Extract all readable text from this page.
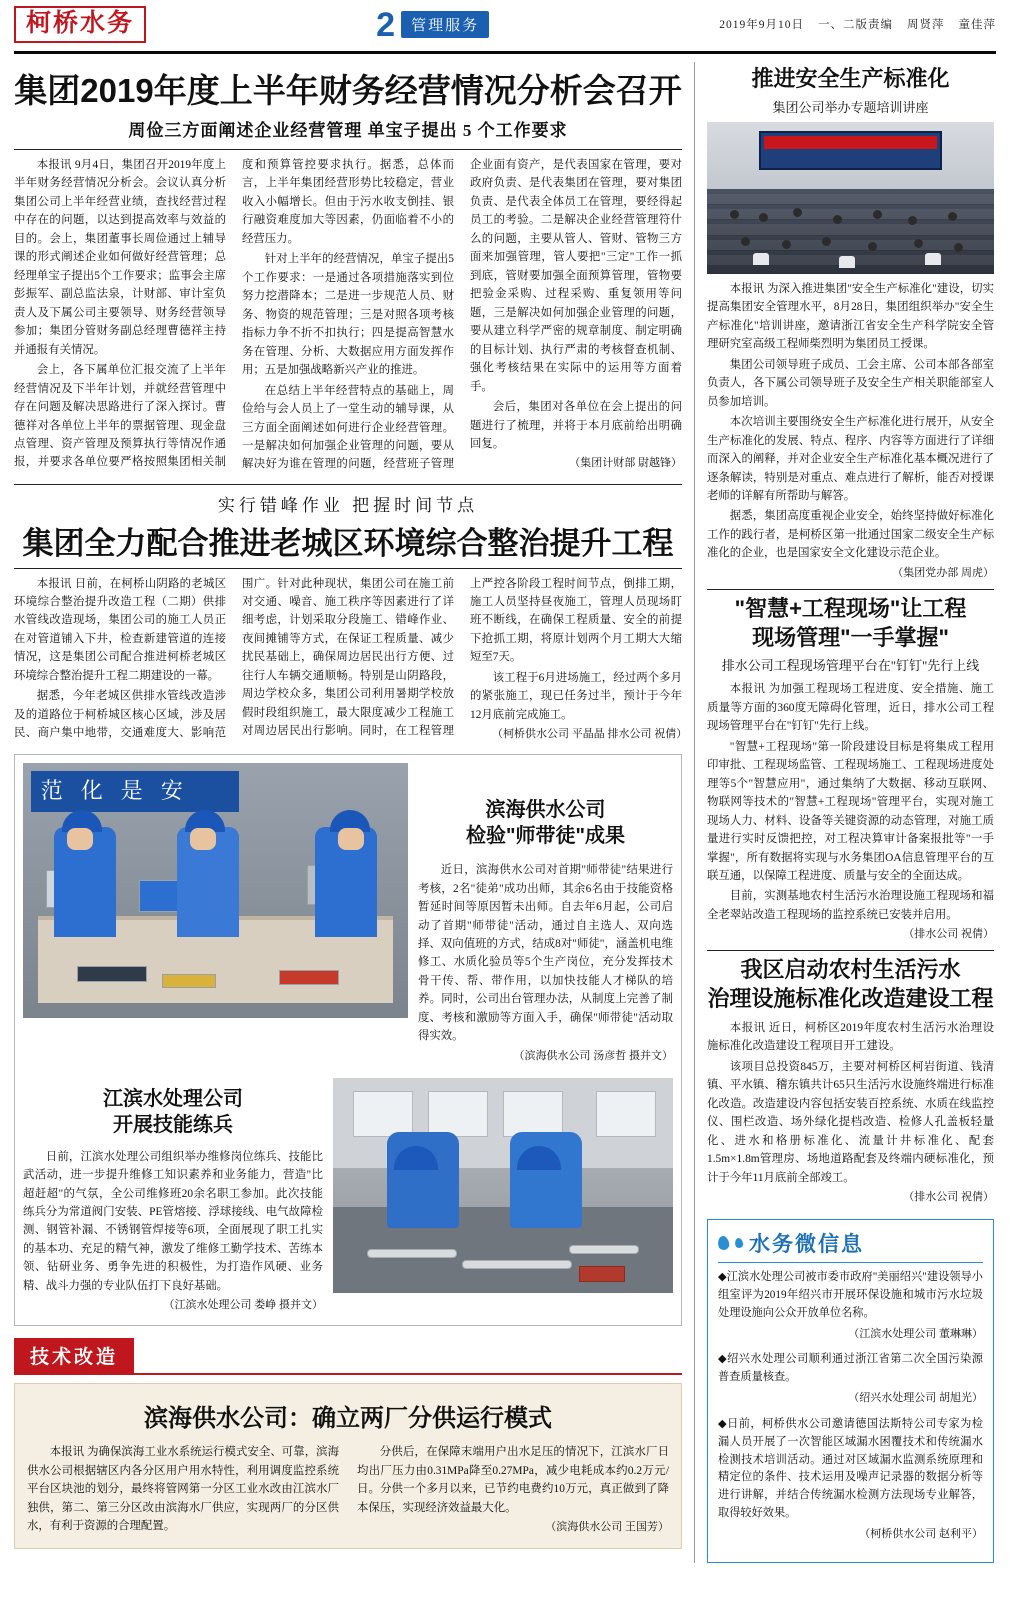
柯桥水务	2	管理服务	2019年9月10日 一、二版责编 周贤萍 童佳萍
集团2019年度上半年财务经营情况分析会召开
周俭三方面阐述企业经营管理 单宝子提出 5 个工作要求

本报讯 9月4日，集团召开2019年度上半年财务经营情况分析会。会议认真分析集团公司上半年经营业绩，查找经营过程中存在的问题，以达到提高效率与效益的目的。会上，集团董事长周俭通过上辅导课的形式阐述企业如何做好经营管理；总经理单宝子提出5个工作要求；监事会主席彭振军、副总监法泉，计财部、审计室负责人及下属公司主要领导、财务经营领导参加；集团分管财务副总经理曹德祥主持并通报有关情况。

会上，各下属单位汇报交流了上半年经营情况及下半年计划，并就经营管理中存在问题及解决思路进行了深入探讨。曹德祥对各单位上半年的票据管理、现金盘点管理、资产管理及预算执行等情况作通报，并要求各单位要严格按照集团相关制度和预算管控要求执行。据悉，总体而言，上半年集团经营形势比较稳定，营业收入小幅增长。但由于污水收支倒挂、银行融资难度加大等因素，仍面临着不小的经营压力。

针对上半年的经营情况，单宝子提出5个工作要求：一是通过各项措施落实到位努力挖潜降本；二是进一步规范人员、财务、物资的规范管理；三是对照各项考核指标力争不折不扣执行；四是提高智慧水务在管理、分析、大数据应用方面发挥作用；五是加强战略新兴产业的推进。

在总结上半年经营特点的基础上，周俭给与会人员上了一堂生动的辅导课，从三方面全面阐述如何进行企业经营管理。一是解决如何加强企业管理的问题，要从解决好为谁在管理的问题，经营班子管理企业面有资产，是代表国家在管理，要对政府负责、是代表集团在管理，要对集团负责、是代表全体员工在管理，要经得起员工的考验。二是解决企业经营管理符什么的问题，主要从管人、管财、管物三方面来加强管理，管人要把"三定"工作一抓到底，管财要加强全面预算管理，管物要把验金采购、过程采购、重复领用等问题，三是解决如何加强企业管理的问题，要从建立科学严密的规章制度、制定明确的目标计划、执行严肃的考核督查机制、强化考核结果在实际中的运用等方面着手。

会后，集团对各单位在会上提出的问题进行了梳理，并将于本月底前给出明确回复。

（集团计财部 尉越锋）

实行错峰作业 把握时间节点
集团全力配合推进老城区环境综合整治提升工程

本报讯 日前，在柯桥山阴路的老城区环境综合整治提升改造工程（二期）供排水管线改造现场，集团公司的施工人员正在对管道铺入下井，检查新建管道的连接情况，这是集团公司配合推进柯桥老城区环境综合整治提升工程二期建设的一幕。

据悉，今年老城区供排水管线改造涉及的道路位于柯桥城区核心区域，涉及居民、商户集中地带，交通难度大、影响范围广。针对此种现状，集团公司在施工前对交通、噪音、施工秩序等因素进行了详细考虑，计划采取分段施工、错峰作业、夜间摊铺等方式，在保证工程质量、减少扰民基础上，确保周边居民出行方便、过往行人车辆交通顺畅。特别是山阴路段，周边学校众多，集团公司利用暑期学校放假时段组织施工，最大限度减少工程施工对周边居民出行影响。同时，在工程管理上严控各阶段工程时间节点，倒排工期，施工人员坚持昼夜施工，管理人员现场盯班不断线，在确保工程质量、安全的前提下抢抓工期，将原计划两个月工期大大缩短至7天。

该工程于6月进场施工，经过两个多月的紧张施工，现已任务过半，预计于今年12月底前完成施工。

（柯桥供水公司 平晶晶 排水公司 祝倩）

范化是安
滨海供水公司
检验"师带徒"成果

近日，滨海供水公司对首期"师带徒"结果进行考核，2名"徒弟"成功出师，其余6名由于技能资格暂延时间等原因暂未出师。自去年6月起，公司启动了首期"师带徒"活动，通过自主选人、双向选择、双向值班的方式，结成8对"师徒"，涵盖机电维修工、水质化验员等5个生产岗位，充分发挥技术骨干传、帮、带作用，以加快技能人才梯队的培养。同时，公司出台管理办法，从制度上完善了制度、考核和激励等方面入手，确保"师带徒"活动取得实效。

（滨海供水公司 汤彦哲 摄并文）

江滨水处理公司
开展技能练兵

日前，江滨水处理公司组织举办维修岗位练兵、技能比武活动，进一步提升维修工知识素养和业务能力，营造"比超赶超"的气氛，全公司维修班20余名职工参加。此次技能练兵分为常道阀门安装、PE管熔接、浮球接线、电气故障检测、钢管补漏、不锈钢管焊接等6项，全面展现了职工扎实的基本功、充足的精气神，激发了维修工勤学技术、苦练本领、钻研业务、勇争先进的积极性，为打造作风硬、业务精、战斗力强的专业队伍打下良好基础。

（江滨水处理公司 娄峥 摄并文）

技术改造
滨海供水公司：确立两厂分供运行模式

本报讯 为确保滨海工业水系统运行模式安全、可靠，滨海供水公司根据辖区内各分区用户用水特性，利用调度监控系统平台区块池的划分，最终将管网第一分区工业水改由江滨水厂独供，第二、第三分区改由滨海水厂供应，实现两厂的分区供水，有利于资源的合理配置。

分供后，在保障末端用户出水足压的情况下，江滨水厂日均出厂压力由0.31MPa降至0.27MPa，减少电耗成本约0.2万元/日。分供一个多月以来，已节约电费约10万元，真正做到了降本保压，实现经济效益最大化。

（滨海供水公司 王国芳）

推进安全生产标准化
集团公司举办专题培训讲座

本报讯 为深入推进集团"安全生产标准化"建设，切实提高集团安全管理水平，8月28日，集团组织举办"安全生产标准化"培训讲座，邀请浙江省安全生产科学院安全管理研究室高级工程师柴烈明为集团员工授课。

集团公司领导班子成员、工会主席、公司本部各部室负责人，各下属公司领导班子及安全生产相关职能部室人员参加培训。

本次培训主要围绕安全生产标准化进行展开，从安全生产标准化的发展、特点、程序、内容等方面进行了详细而深入的阐释，并对企业安全生产标准化基本概况进行了逐条解读，特别是对重点、难点进行了解析，能否对授课老师的详解有所帮助与解答。

据悉，集团高度重视企业安全，始终坚持做好标准化工作的践行者，是柯桥区第一批通过国家二级安全生产标准化的企业，也是国家安全文化建设示范企业。

（集团党办部 周虎）

"智慧+工程现场"让工程
现场管理"一手掌握"
排水公司工程现场管理平台在"钉钉"先行上线

本报讯 为加强工程现场工程进度、安全措施、施工质量等方面的360度无障碍化管理，近日，排水公司工程现场管理平台在"钉钉"先行上线。

"智慧+工程现场"第一阶段建设目标是将集成工程用印审批、工程现场监管、工程现场施工、工程现场进度处理等5个"智慧应用"，通过集纳了大数据、移动互联网、物联网等技术的"智慧+工程现场"管理平台，实现对施工现场人力、材料、设备等关键资源的动态管理，对施工质量进行实时反馈把控，对工程决算审计备案报批等"一手掌握"，所有数据将实现与水务集团OA信息管理平台的互联互通，以保障工程进度、质量与安全的全面达成。

目前，实测基地农村生活污水治理设施工程现场和福全老翠站改造工程现场的监控系统已安装并启用。

（排水公司 祝倩）

我区启动农村生活污水
治理设施标准化改造建设工程

本报讯 近日，柯桥区2019年度农村生活污水治理设施标准化改造建设工程项目开工建设。

该项目总投资845万，主要对柯桥区柯岩街道、钱清镇、平水镇、稽东镇共计65只生活污水设施终端进行标准化改造。改造建设内容包括安装百控系统、水质在线监控仪、围栏改造、场外绿化提档改造、检修人孔盖板轻量化、进水和格册标准化、流量计井标准化、配套1.5m×1.8m管理房、场地道路配套及终端内硬标准化，预计于今年11月底前全部竣工。

（排水公司 祝倩）

水务微信息
◆江滨水处理公司被市委市政府"美丽绍兴"建设领导小组室评为2019年绍兴市开展环保设施和城市污水垃圾处理设施向公众开放单位名称。
（江滨水处理公司 董琳琳）
◆绍兴水处理公司顺利通过浙江省第二次全国污染源普查质量核查。
（绍兴水处理公司 胡旭光）
◆日前，柯桥供水公司邀请德国法斯特公司专家为检漏人员开展了一次智能区域漏水困覆技术和传统漏水检测技术培训活动。通过对区域漏水监测系统原理和精定位的条件、技术运用及噪声记录器的数据分析等进行讲解，并结合传统漏水检测方法现场专业解答，取得较好效果。
（柯桥供水公司 赵利平）
